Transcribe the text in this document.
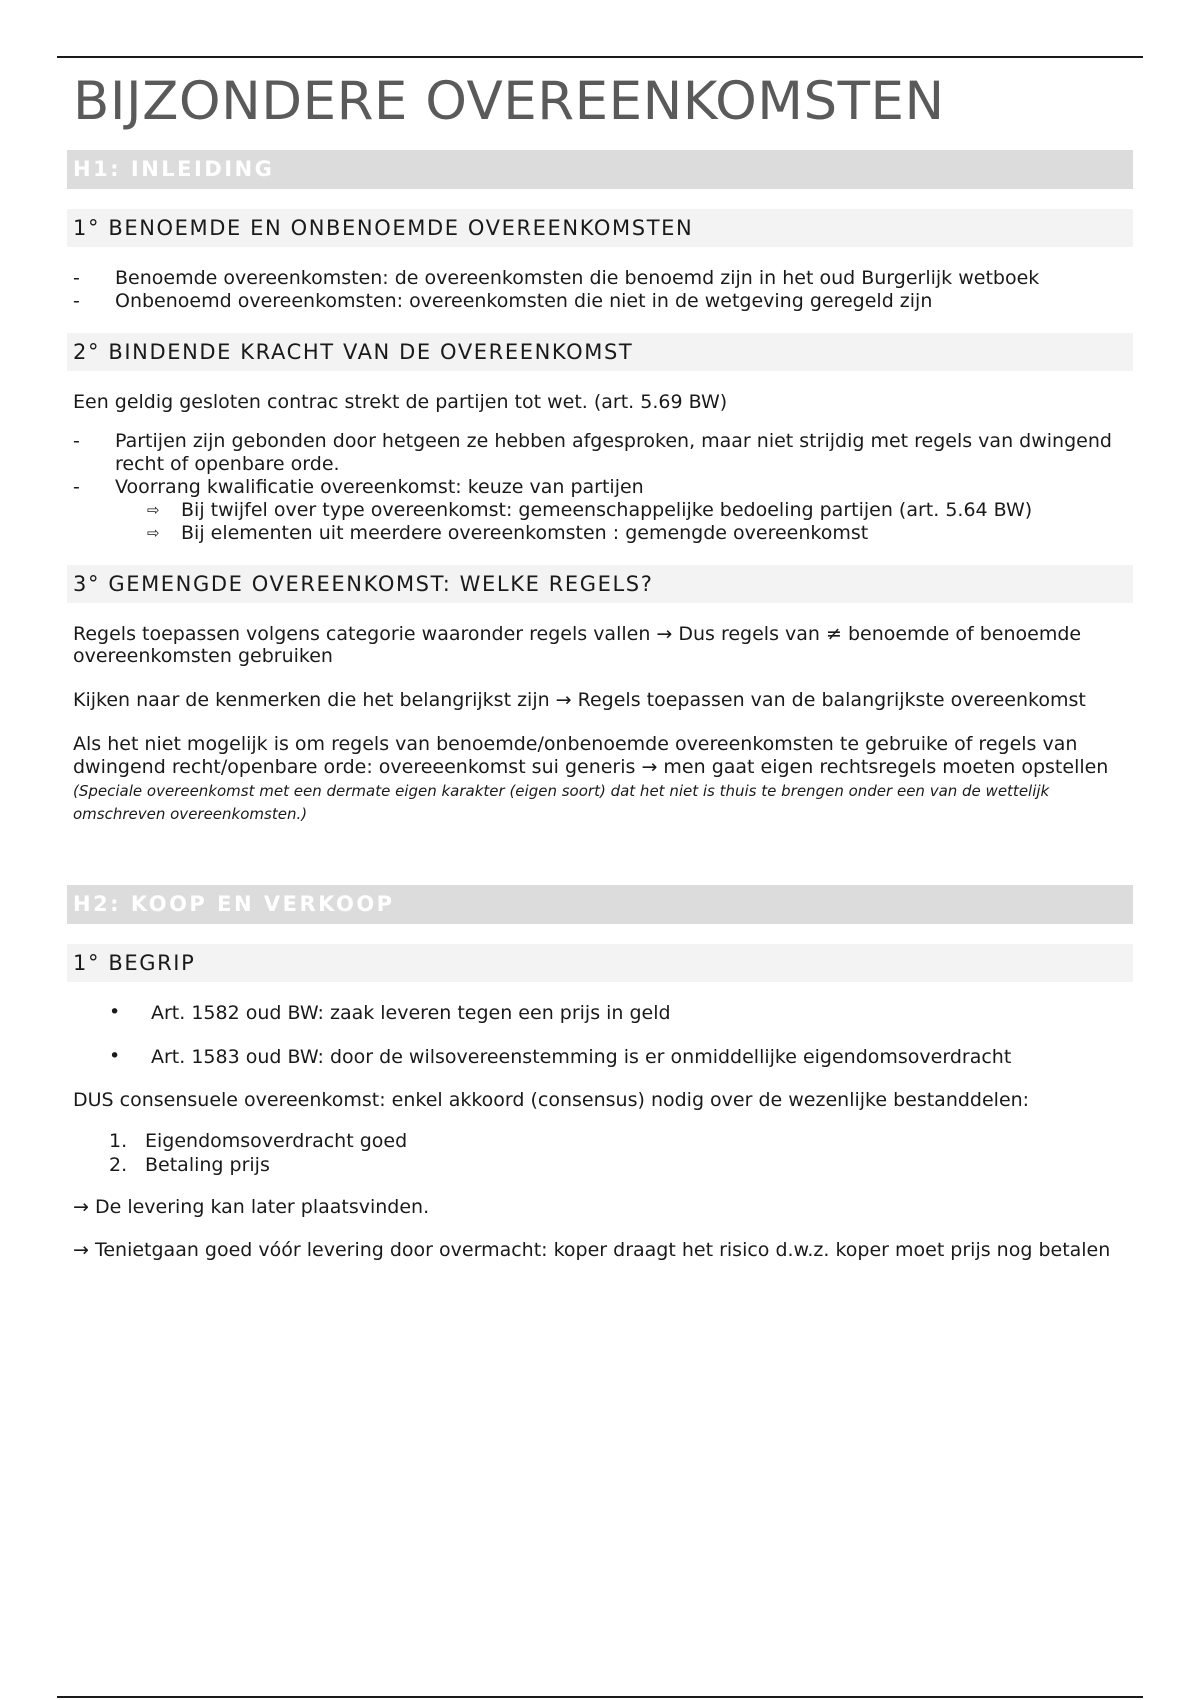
BIJZONDERE OVEREENKOMSTEN
H1: INLEIDING
1° BENOEMDE EN ONBENOEMDE OVEREENKOMSTEN
- Benoemde overeenkomsten: de overeenkomsten die benoemd zijn in het oud Burgerlijk wetboek
- Onbenoemd overeenkomsten: overeenkomsten die niet in de wetgeving geregeld zijn
2° BINDENDE KRACHT VAN DE OVEREENKOMST

Een geldig gesloten contrac strekt de partijen tot wet. (art. 5.69 BW)

- Partijen zijn gebonden door hetgeen ze hebben afgesproken, maar niet strijdig met regels van dwingend recht of openbare orde.
- Voorrang kwalificatie overeenkomst: keuze van partijen
⇨ Bij twijfel over type overeenkomst: gemeenschappelijke bedoeling partijen (art. 5.64 BW)
⇨ Bij elementen uit meerdere overeenkomsten : gemengde overeenkomst
3° GEMENGDE OVEREENKOMST: WELKE REGELS?

Regels toepassen volgens categorie waaronder regels vallen → Dus regels van ≠ benoemde of benoemde overeenkomsten gebruiken

Kijken naar de kenmerken die het belangrijkst zijn → Regels toepassen van de balangrijkste overeenkomst

Als het niet mogelijk is om regels van benoemde/onbenoemde overeenkomsten te gebruike of regels van dwingend recht/openbare orde: overeeenkomst sui generis → men gaat eigen rechtsregels moeten opstellen (Speciale overeenkomst met een dermate eigen karakter (eigen soort) dat het niet is thuis te brengen onder een van de wettelijk omschreven overeenkomsten.)

H2: KOOP EN VERKOOP
1° BEGRIP
• Art. 1582 oud BW: zaak leveren tegen een prijs in geld
• Art. 1583 oud BW: door de wilsovereenstemming is er onmiddellijke eigendomsoverdracht

DUS consensuele overeenkomst: enkel akkoord (consensus) nodig over de wezenlijke bestanddelen:

1. Eigendomsoverdracht goed
2. Betaling prijs

→ De levering kan later plaatsvinden.

→ Tenietgaan goed vóór levering door overmacht: koper draagt het risico d.w.z. koper moet prijs nog betalen
